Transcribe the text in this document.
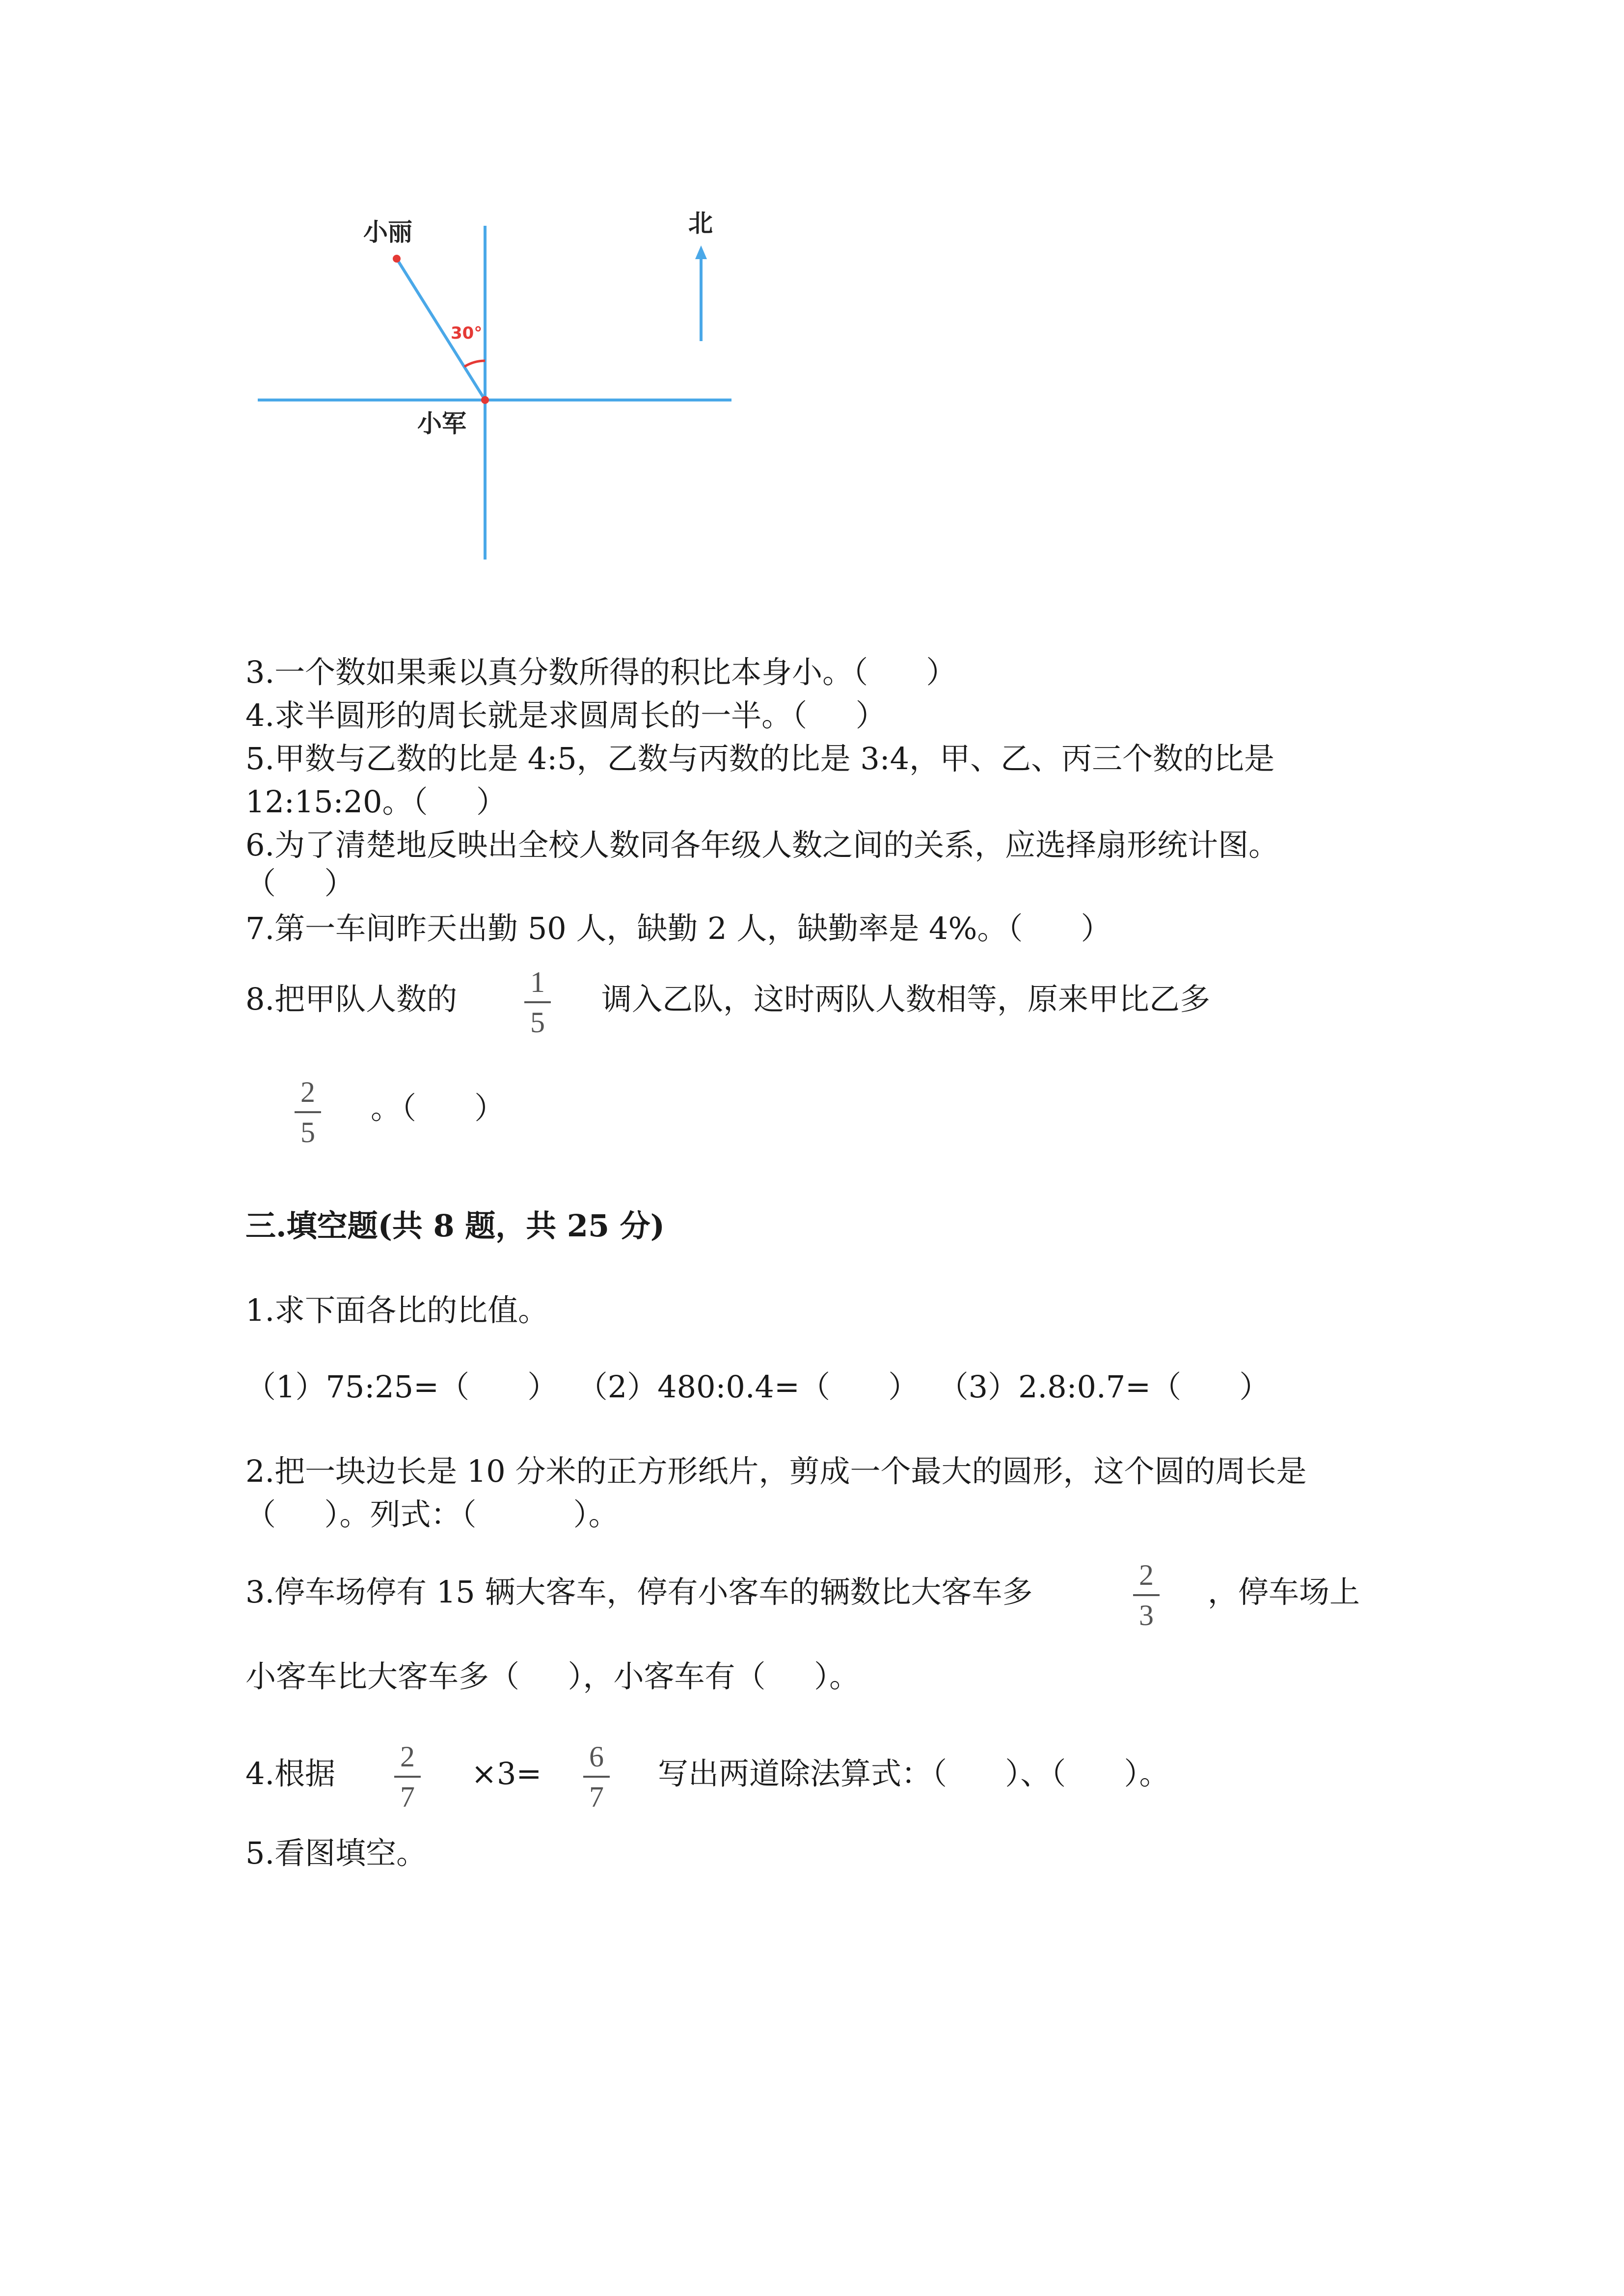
30°
小丽
小军
北
3.一个数如果乘以真分数所得的积比本身小。（      ）
4.求半圆形的周长就是求圆周长的一半。（     ）
5.甲数与乙数的比是 4:5，乙数与丙数的比是 3:4，甲、乙、丙三个数的比是
12:15:20。（     ）
6.为了清楚地反映出全校人数同各年级人数之间的关系，应选择扇形统计图。
（     ）
7.第一车间昨天出勤 50 人，缺勤 2 人，缺勤率是 4%。（      ）
8.把甲队人数的	1
5
调入乙队，这时两队人数相等，原来甲比乙多
2
5
。（      ）
三.填空题(共 8 题，共 25 分)
1.求下面各比的比值。
（1）75:25=（      ）  （2）480:0.4=（      ）  （3）2.8:0.7=（      ）
2.把一块边长是 10 分米的正方形纸片，剪成一个最大的圆形，这个圆的周长是
（     ）。列式：（          ）。
3.停车场停有 15 辆大客车，停有小客车的辆数比大客车多	2
3
，停车场上
小客车比大客车多（     ），小客车有（     ）。
4.根据	2
7
×3=	6
7
写出两道除法算式：（      ）、（      ）。
5.看图填空。
